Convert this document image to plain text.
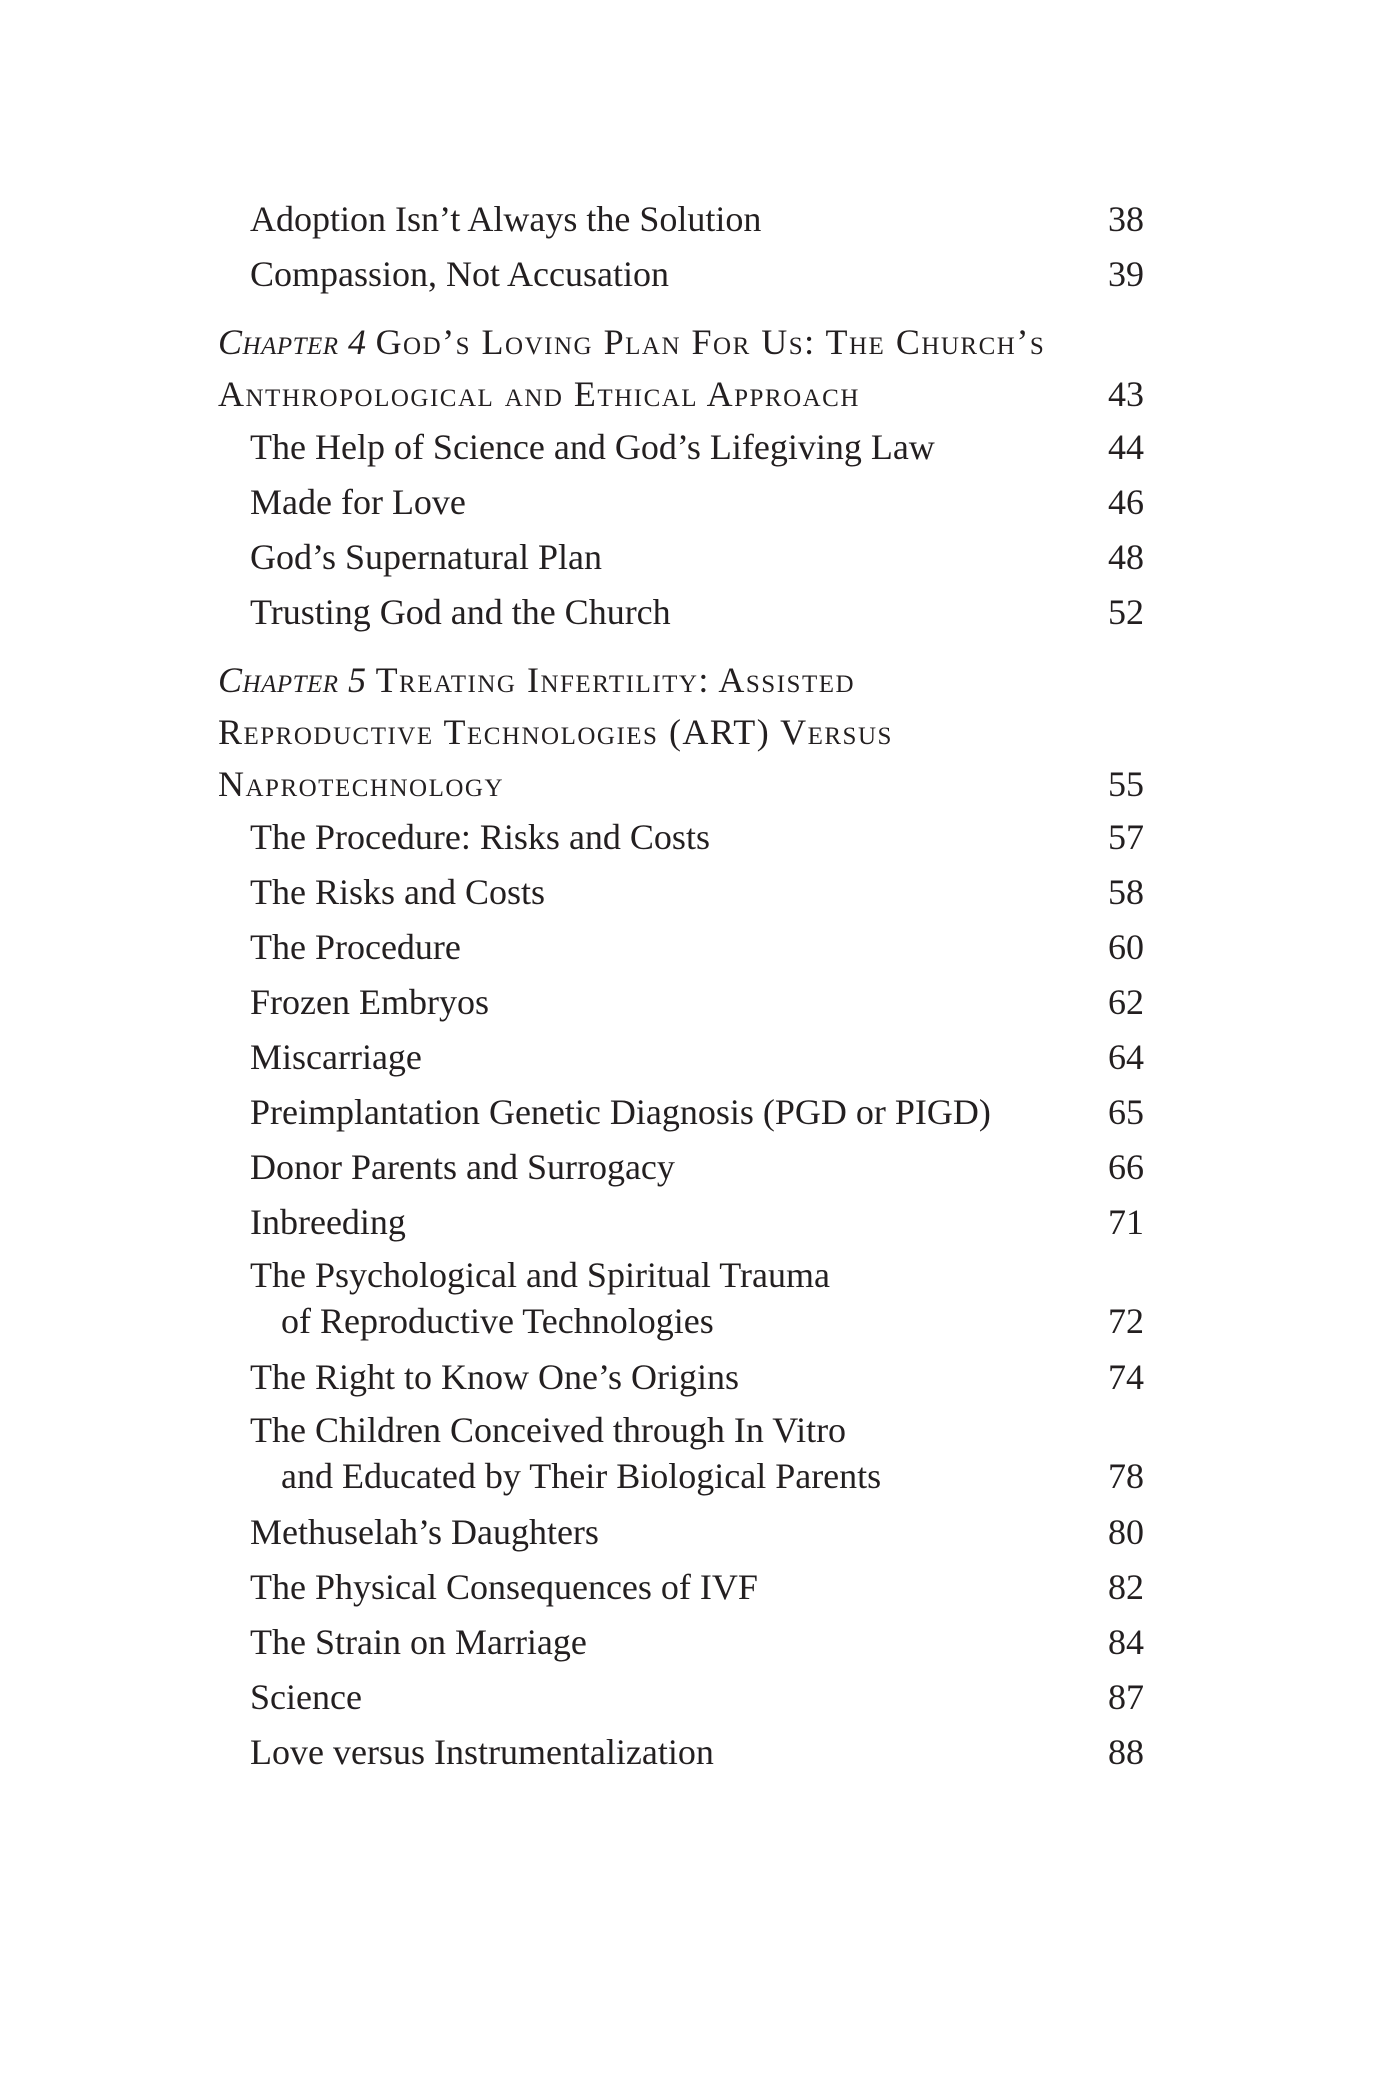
Adoption Isn’t Always the Solution	38
Compassion, Not Accusation	39
Chapter 4 God’s Loving Plan For Us: The Church’s
Anthropological and Ethical Approach	43
The Help of Science and God’s Lifegiving Law	44
Made for Love	46
God’s Supernatural Plan	48
Trusting God and the Church	52
Chapter 5 Treating Infertility: Assisted
Reproductive Technologies (ART) Versus
Naprotechnology	55
The Procedure: Risks and Costs	57
The Risks and Costs	58
The Procedure	60
Frozen Embryos	62
Miscarriage	64
Preimplantation Genetic Diagnosis (PGD or PIGD)	65
Donor Parents and Surrogacy	66
Inbreeding	71
The Psychological and Spiritual Trauma
of Reproductive Technologies	72
The Right to Know One’s Origins	74
The Children Conceived through In Vitro
and Educated by Their Biological Parents	78
Methuselah’s Daughters	80
The Physical Consequences of IVF	82
The Strain on Marriage	84
Science	87
Love versus Instrumentalization	88
